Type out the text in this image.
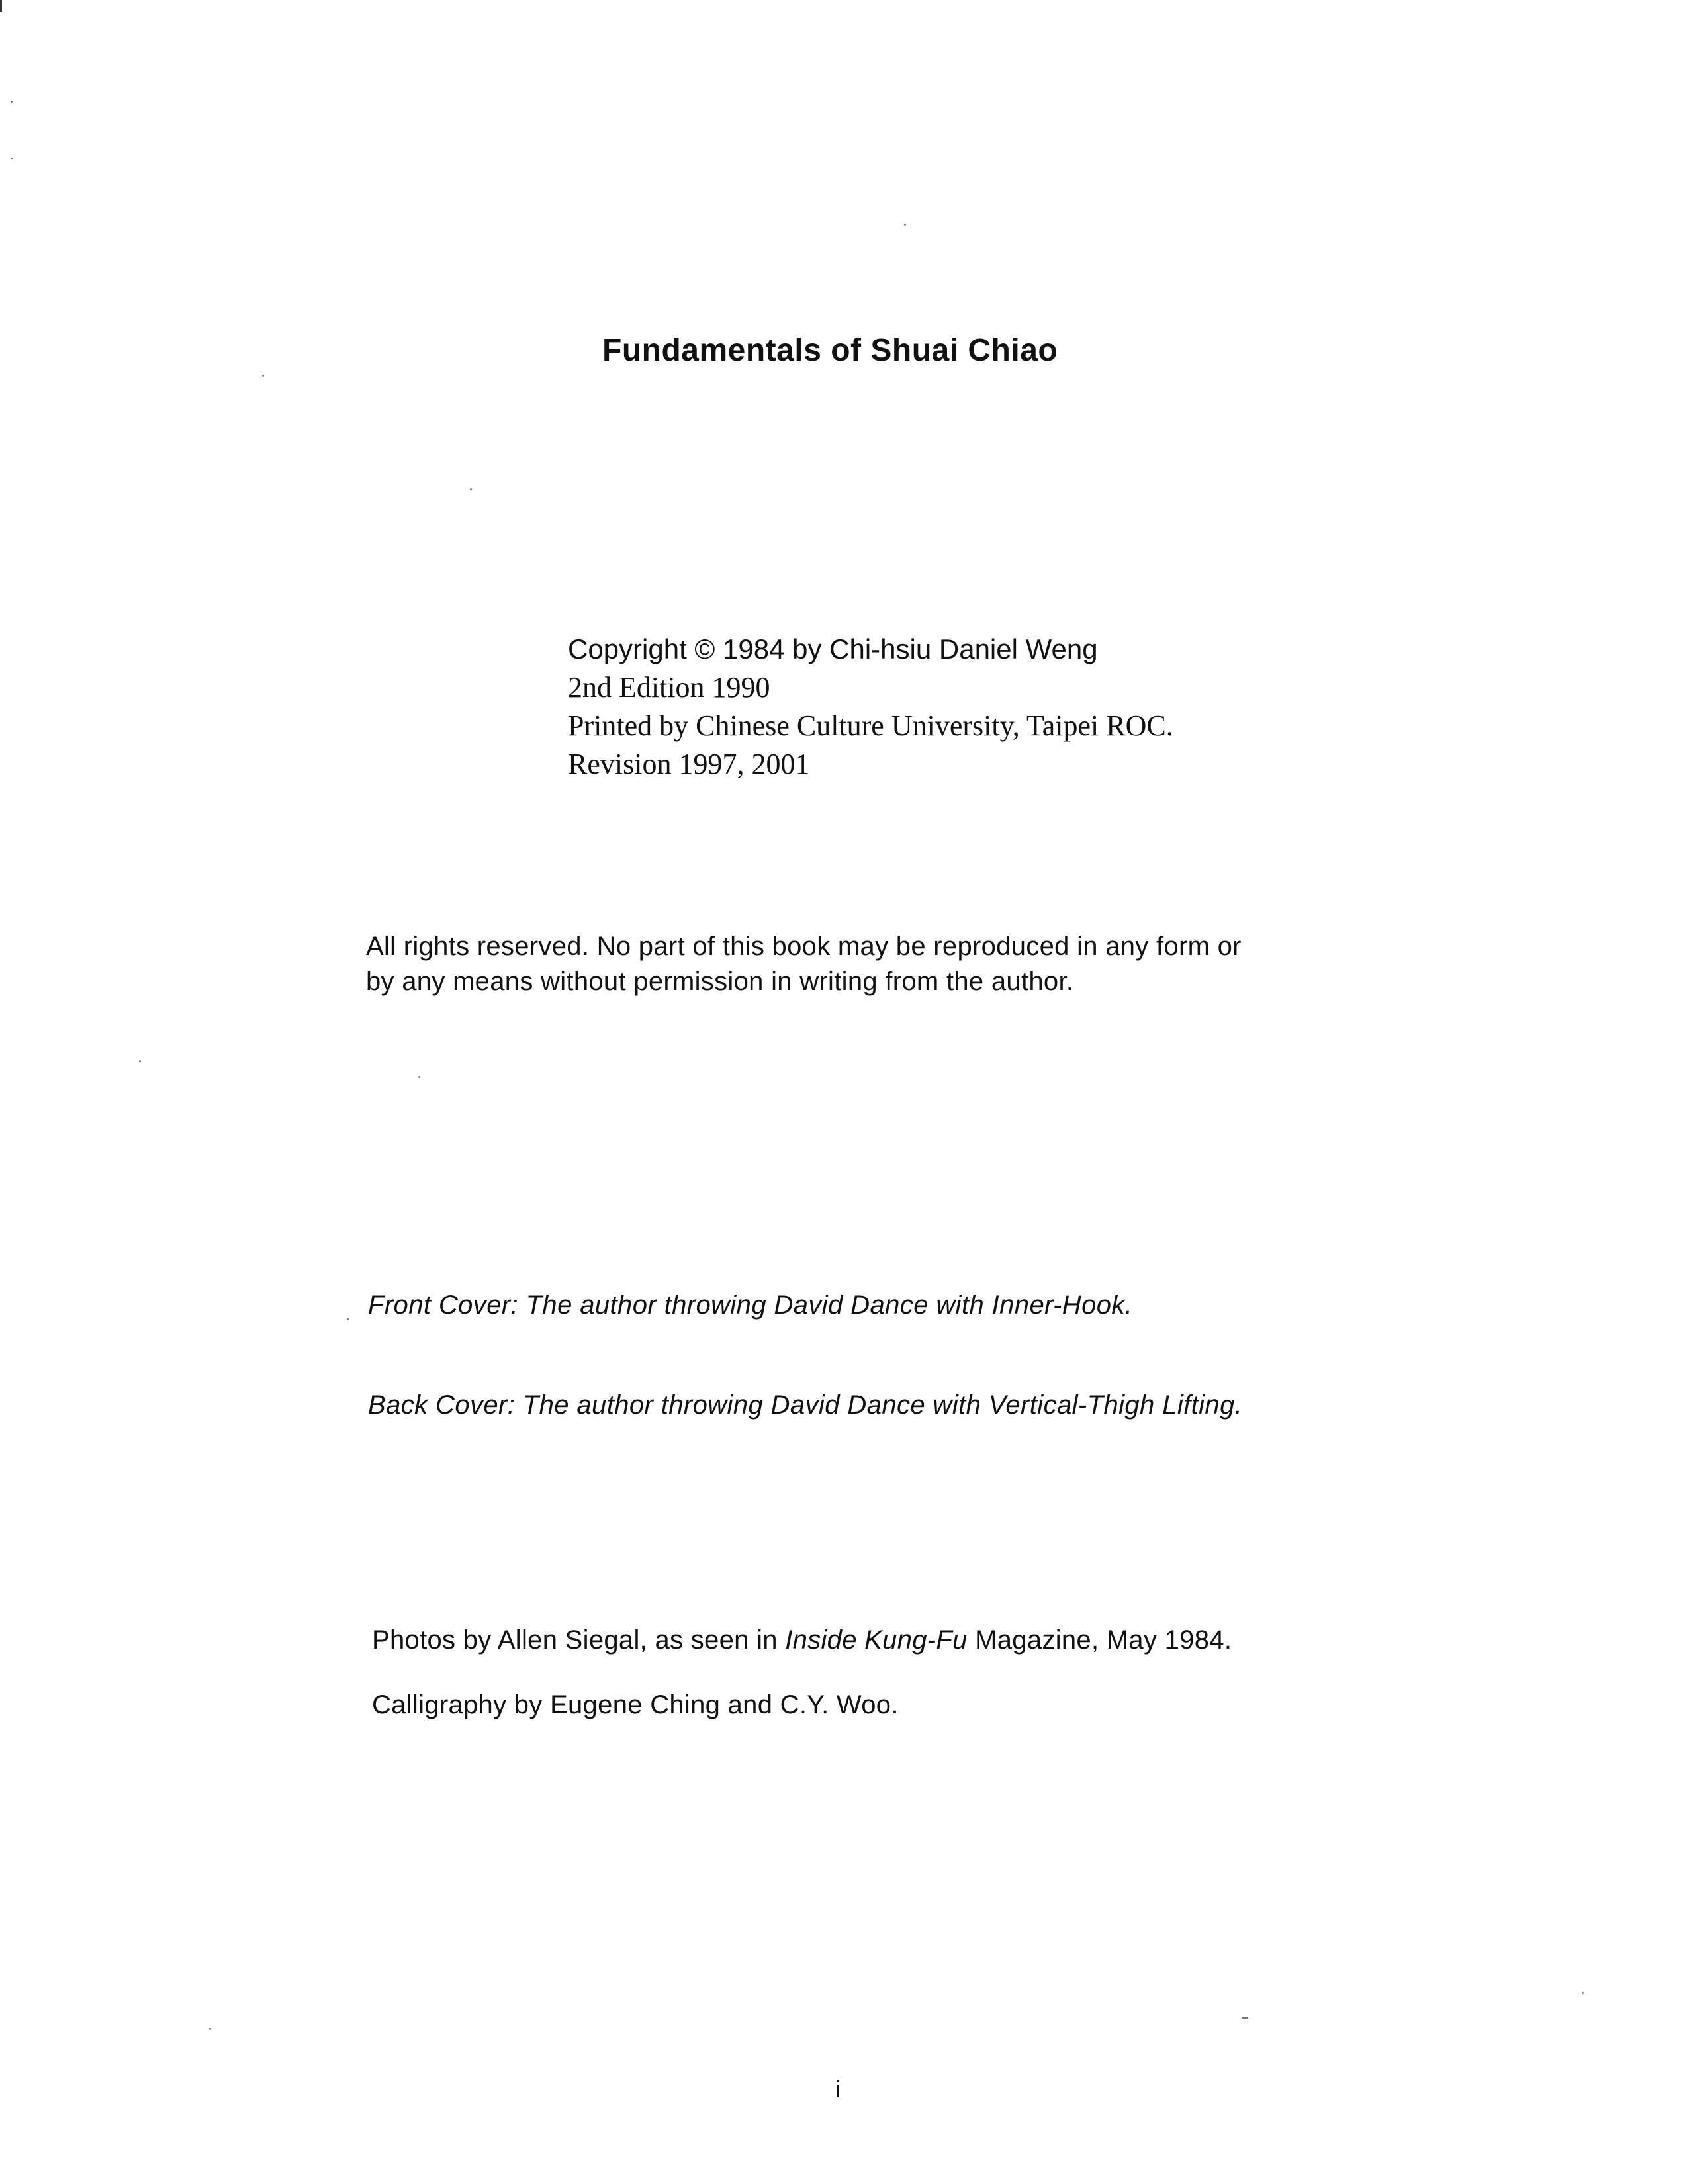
Fundamentals of Shuai Chiao
Copyright © 1984 by Chi-hsiu Daniel Weng
2nd Edition 1990
Printed by Chinese Culture University, Taipei ROC.
Revision 1997, 2001
All rights reserved. No part of this book may be reproduced in any form or
by any means without permission in writing from the author.
Front Cover: The author throwing David Dance with Inner-Hook.
Back Cover: The author throwing David Dance with Vertical-Thigh Lifting.
Photos by Allen Siegal, as seen in Inside Kung-Fu Magazine, May 1984.
Calligraphy by Eugene Ching and C.Y. Woo.
i
